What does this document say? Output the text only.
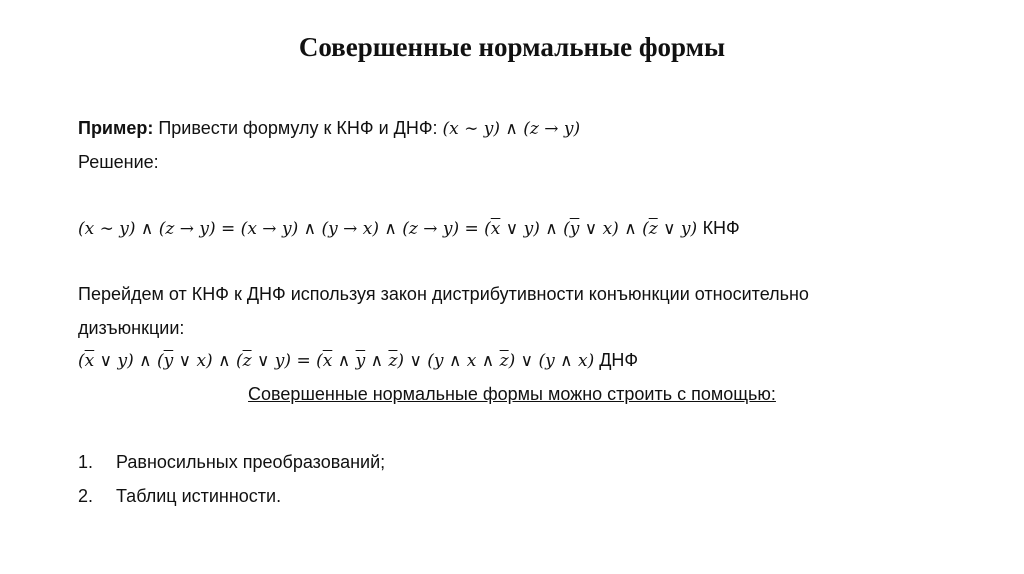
Совершенные нормальные формы
Пример: Привести формулу к КНФ и ДНФ: (x ∼ y) ∧ (z → y)
Решение:
(x ∼ y) ∧ (z → y) = (x → y) ∧ (y → x) ∧ $(z \to y) = (\overline{x}$ ∨ y) ∧ ($\overline{y}$ ∨ x) ∧ ($\overline{z}$ ∨ y) КНФ
Перейдем от КНФ к ДНФ используя закон дистрибутивности конъюнкции относительно
дизъюнкции:
($\overline{x}$ ∨ y) ∧ ($\overline{y}$ ∨ x) ∧ ($\overline{z}$ ∨ $y) = (\overline{x}$ ∧ $\overline{y}$ ∧ $\overline{z}$) ∨ (y ∧ x ∧ $\overline{z}$) ∨ (y ∧ x) ДНФ
Совершенные нормальные формы можно строить с помощью:
1. Равносильных преобразований;
2. Таблиц истинности.
